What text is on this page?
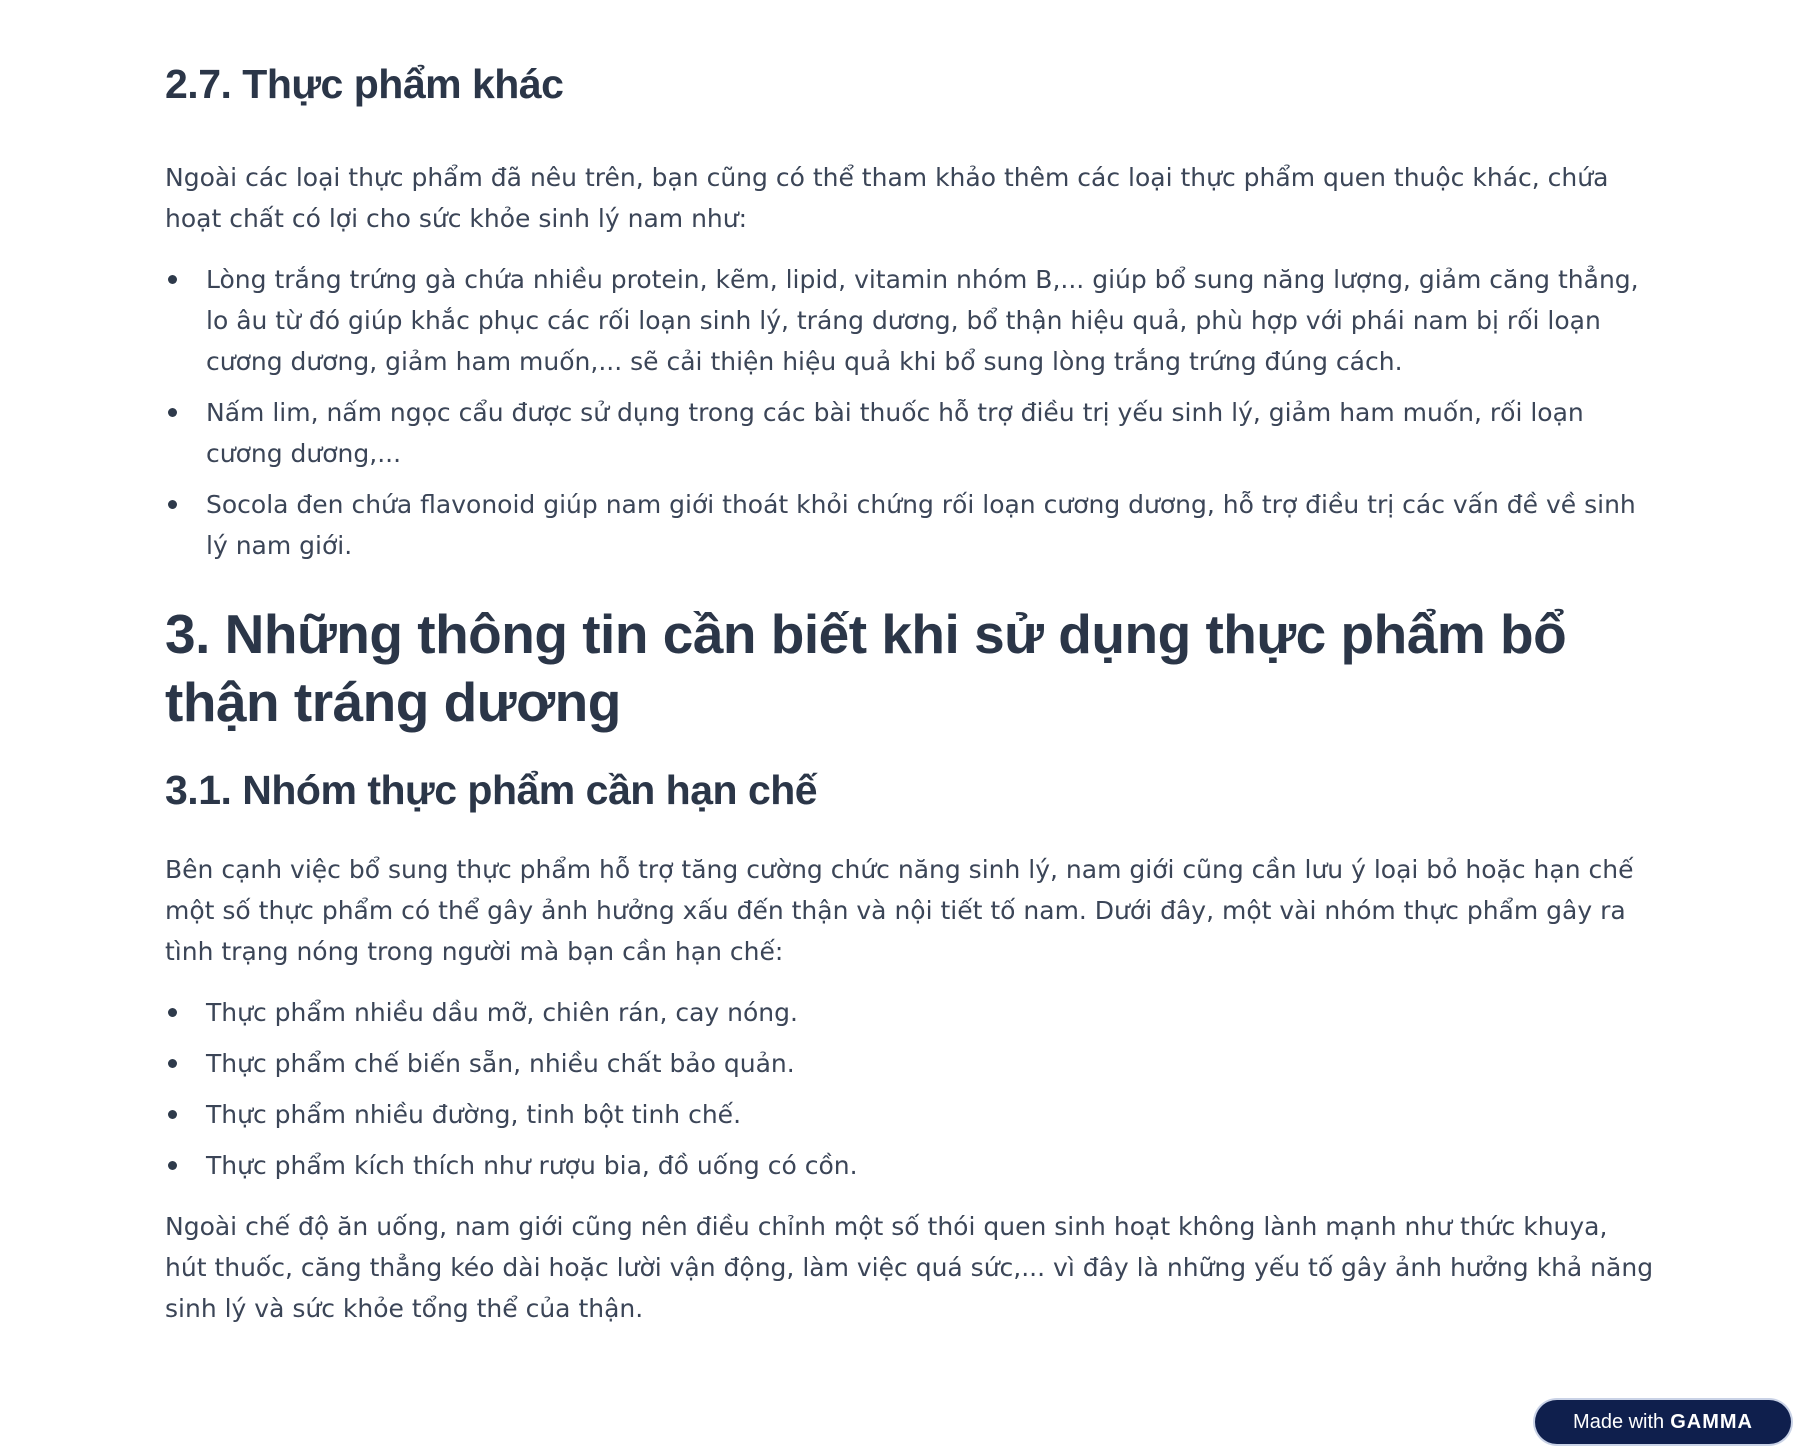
2.7. Thực phẩm khác

Ngoài các loại thực phẩm đã nêu trên, bạn cũng có thể tham khảo thêm các loại thực phẩm quen thuộc khác, chứa hoạt chất có lợi cho sức khỏe sinh lý nam như:

Lòng trắng trứng gà chứa nhiều protein, kẽm, lipid, vitamin nhóm B,... giúp bổ sung năng lượng, giảm căng thẳng, lo âu từ đó giúp khắc phục các rối loạn sinh lý, tráng dương, bổ thận hiệu quả, phù hợp với phái nam bị rối loạn cương dương, giảm ham muốn,... sẽ cải thiện hiệu quả khi bổ sung lòng trắng trứng đúng cách.
Nấm lim, nấm ngọc cẩu được sử dụng trong các bài thuốc hỗ trợ điều trị yếu sinh lý, giảm ham muốn, rối loạn cương dương,...
Socola đen chứa flavonoid giúp nam giới thoát khỏi chứng rối loạn cương dương, hỗ trợ điều trị các vấn đề về sinh lý nam giới.
3. Những thông tin cần biết khi sử dụng thực phẩm bổ thận tráng dương
3.1. Nhóm thực phẩm cần hạn chế

Bên cạnh việc bổ sung thực phẩm hỗ trợ tăng cường chức năng sinh lý, nam giới cũng cần lưu ý loại bỏ hoặc hạn chế một số thực phẩm có thể gây ảnh hưởng xấu đến thận và nội tiết tố nam. Dưới đây, một vài nhóm thực phẩm gây ra tình trạng nóng trong người mà bạn cần hạn chế:

Thực phẩm nhiều dầu mỡ, chiên rán, cay nóng.
Thực phẩm chế biến sẵn, nhiều chất bảo quản.
Thực phẩm nhiều đường, tinh bột tinh chế.
Thực phẩm kích thích như rượu bia, đồ uống có cồn.

Ngoài chế độ ăn uống, nam giới cũng nên điều chỉnh một số thói quen sinh hoạt không lành mạnh như thức khuya, hút thuốc, căng thẳng kéo dài hoặc lười vận động, làm việc quá sức,... vì đây là những yếu tố gây ảnh hưởng khả năng sinh lý và sức khỏe tổng thể của thận.

Made with GAMMA
